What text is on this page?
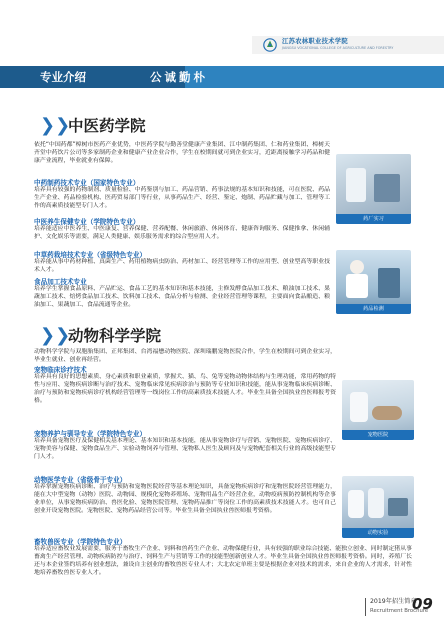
江苏农林职业技术学院
JIANGSU VOCATIONAL COLLEGE OF AGRICULTURE AND FORESTRY
专业介绍	公诚勤朴
❯❯
中医药学院
依托“中国药都”樟树市医药产业优势，中医药学院与勤善堂健康产业集团、江中制药集团、仁和药业集团、樟树天齐堂中药饮片公司等多家制药企业和健康产业企业合作，学生在校期间就可到企业实习，近距离接触学习药品和健康产业流程，毕业就业有保障。
中药制药技术专业（国家特色专业）
培养具有较强的药物制剂、质量检验、中药鉴别与加工、药品营销、药事法规的基本知识和技能，可在医院、药品生产企业、药品检验机构、医药贸易部门等行业，从事药品生产、经营、鉴定、炮制、药品贮藏与加工、管理等工作的高素质技能型专门人才。
中医养生保健专业（学院特色专业）
培养能适应中医养生、中医康复、营养保健、营养配餐、休闲旅游、休闲体育、健康咨询服务、保健推拿、休闲辅护、文化娱乐等需要，满足人类健康、娱乐服务需求的综合型应用人才。
中草药栽培技术专业（省级特色专业）
培养能从事中药材种植、真菌生产、药用植物病虫防治、药材加工、经营管理等工作的应用型、创业型高等职业技术人才。
食品加工技术专业
培养学生掌握食品原料、产品贮运、食品工艺的基本知识和基本技能，主修发酵食品加工技术、粮油加工技术、果蔬加工技术、焙烤食品加工技术、饮料加工技术、食品分析与检测、企业经营管理等课程，主要面向食品酿造、粮油加工、果蔬加工、食品流通等企业。
药厂实习
药品检测
❯❯
动物科学学院
动物科学学院与双胞胎集团、正邦集团、台湾福懋动物医院、深圳瑞鹏宠物医院合作，学生在校期间可到企业实习，毕业生就业、创业再经营。
宠物临床诊疗技术
培养具有良好的思想素质、身心素质和职业素质，掌握犬、猫、鸟、兔等宠物动物体结构与生理功能，常用药物的特性与应用、宠物疾病诊断与治疗技术、宠物临床常见疾病诊治与预防等专业知识和技能，能从事宠物临床疾病诊断、治疗与预防和宠物疾病诊疗机构经营管理等一线岗位工作的高素质技术技能人才。毕业生具备全国执业兽医师报考资格。
宠物养护与驯导专业（学院特色专业）
培养具备宠物医疗及保健相关基本理论、基本知识和基本技能，能从事宠物诊疗与营销、宠物医院、宠物疾病诊疗、宠物美容与保健、宠物食品生产、实验动物饲养与管理、宠物私人医生及顾问及与宠物配套相关行业的高级技能型专门人才。
动物医学专业（省级骨干专业）
培养掌握宠物疾病诊断、治疗与预防和宠物医院经营等基本理论知识，具备宠物疾病诊疗和宠物医院经营管理能力，能在大中型宠物（动物）医院、动物园、规模化宠物养殖场、宠物用品生产经营企业，动物疫病预防控制机构等企事业单位，从事宠物疾病防治、兽医化验、宠物医院管理、宠物药品推广等岗位工作的高素质技术技能人才。也可自己创业开设宠物医院。宠物医院、宠物药品经营公司等。毕业生具备全国执业兽医师报考资格。
畜牧兽医专业（学院特色专业）
培养适应畜牧业发展需要，服务于畜牧生产企业、饲料和兽药生产企业、动物保健行业，具有较强的职业综合技能、能独立创业、同时制定猪从事畜禽生产经营管理、动物疾病防控与治疗、饲料生产与营销等工作的技能型创新创业人才。毕业生具备全国执业兽医师报考资格。同时，养殖厂长还与本企业签约培养有创业想法，兼设自主创业的畜牧兽医专业人才；大北农定单班主要是根据企业对技术的需求，来自企业的人才需求，针对性地培养畜牧兽医专业人才。
宠物医院
动物实验
2019年招生简章
Recruitment Brochure
09
